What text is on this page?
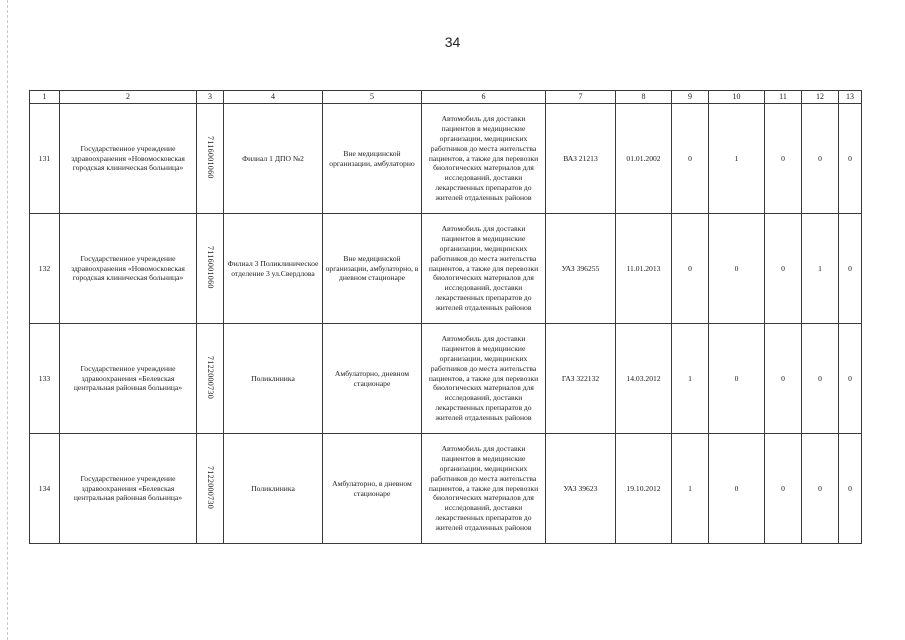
34
1	2	3	4	5	6	7	8	9	10	11	12	13
131	Государственное учреждение здравоохранения «Новомосковская городская клиническая больница»	7116001060	Филиал 1 ДПО №2	Вне медицинской организации, амбулаторно	Автомобиль для доставки пациентов в медицинские организации, медицинских работников до места жительства пациентов, а также для перевозки биологических материалов для исследований, доставки лекарственных препаратов до жителей отдаленных районов	ВАЗ 21213	01.01.2002	0	1	0	0	0
132	Государственное учреждение здравоохранения «Новомосковская городская клиническая больница»	7116001060	Филиал 3 Поликлиническое отделение 3 ул.Свердлова	Вне медицинской организации, амбулаторно, в дневном стационаре	Автомобиль для доставки пациентов в медицинские организации, медицинских работников до места жительства пациентов, а также для перевозки биологических материалов для исследований, доставки лекарственных препаратов до жителей отдаленных районов	УАЗ 396255	11.01.2013	0	0	0	1	0
133	Государственное учреждение здравоохранения «Белевская центральная районная больница»	7122000730	Поликлиника	Амбулаторно, дневном стационаре	Автомобиль для доставки пациентов в медицинские организации, медицинских работников до места жительства пациентов, а также для перевозки биологических материалов для исследований, доставки лекарственных препаратов до жителей отдаленных районов	ГАЗ 322132	14.03.2012	1	0	0	0	0
134	Государственное учреждение здравоохранения «Белевская центральная районная больница»	7122000730	Поликлиника	Амбулаторно, в дневном стационаре	Автомобиль для доставки пациентов в медицинские организации, медицинских работников до места жительства пациентов, а также для перевозки биологических материалов для исследований, доставки лекарственных препаратов до жителей отдаленных районов	УАЗ 39623	19.10.2012	1	0	0	0	0
